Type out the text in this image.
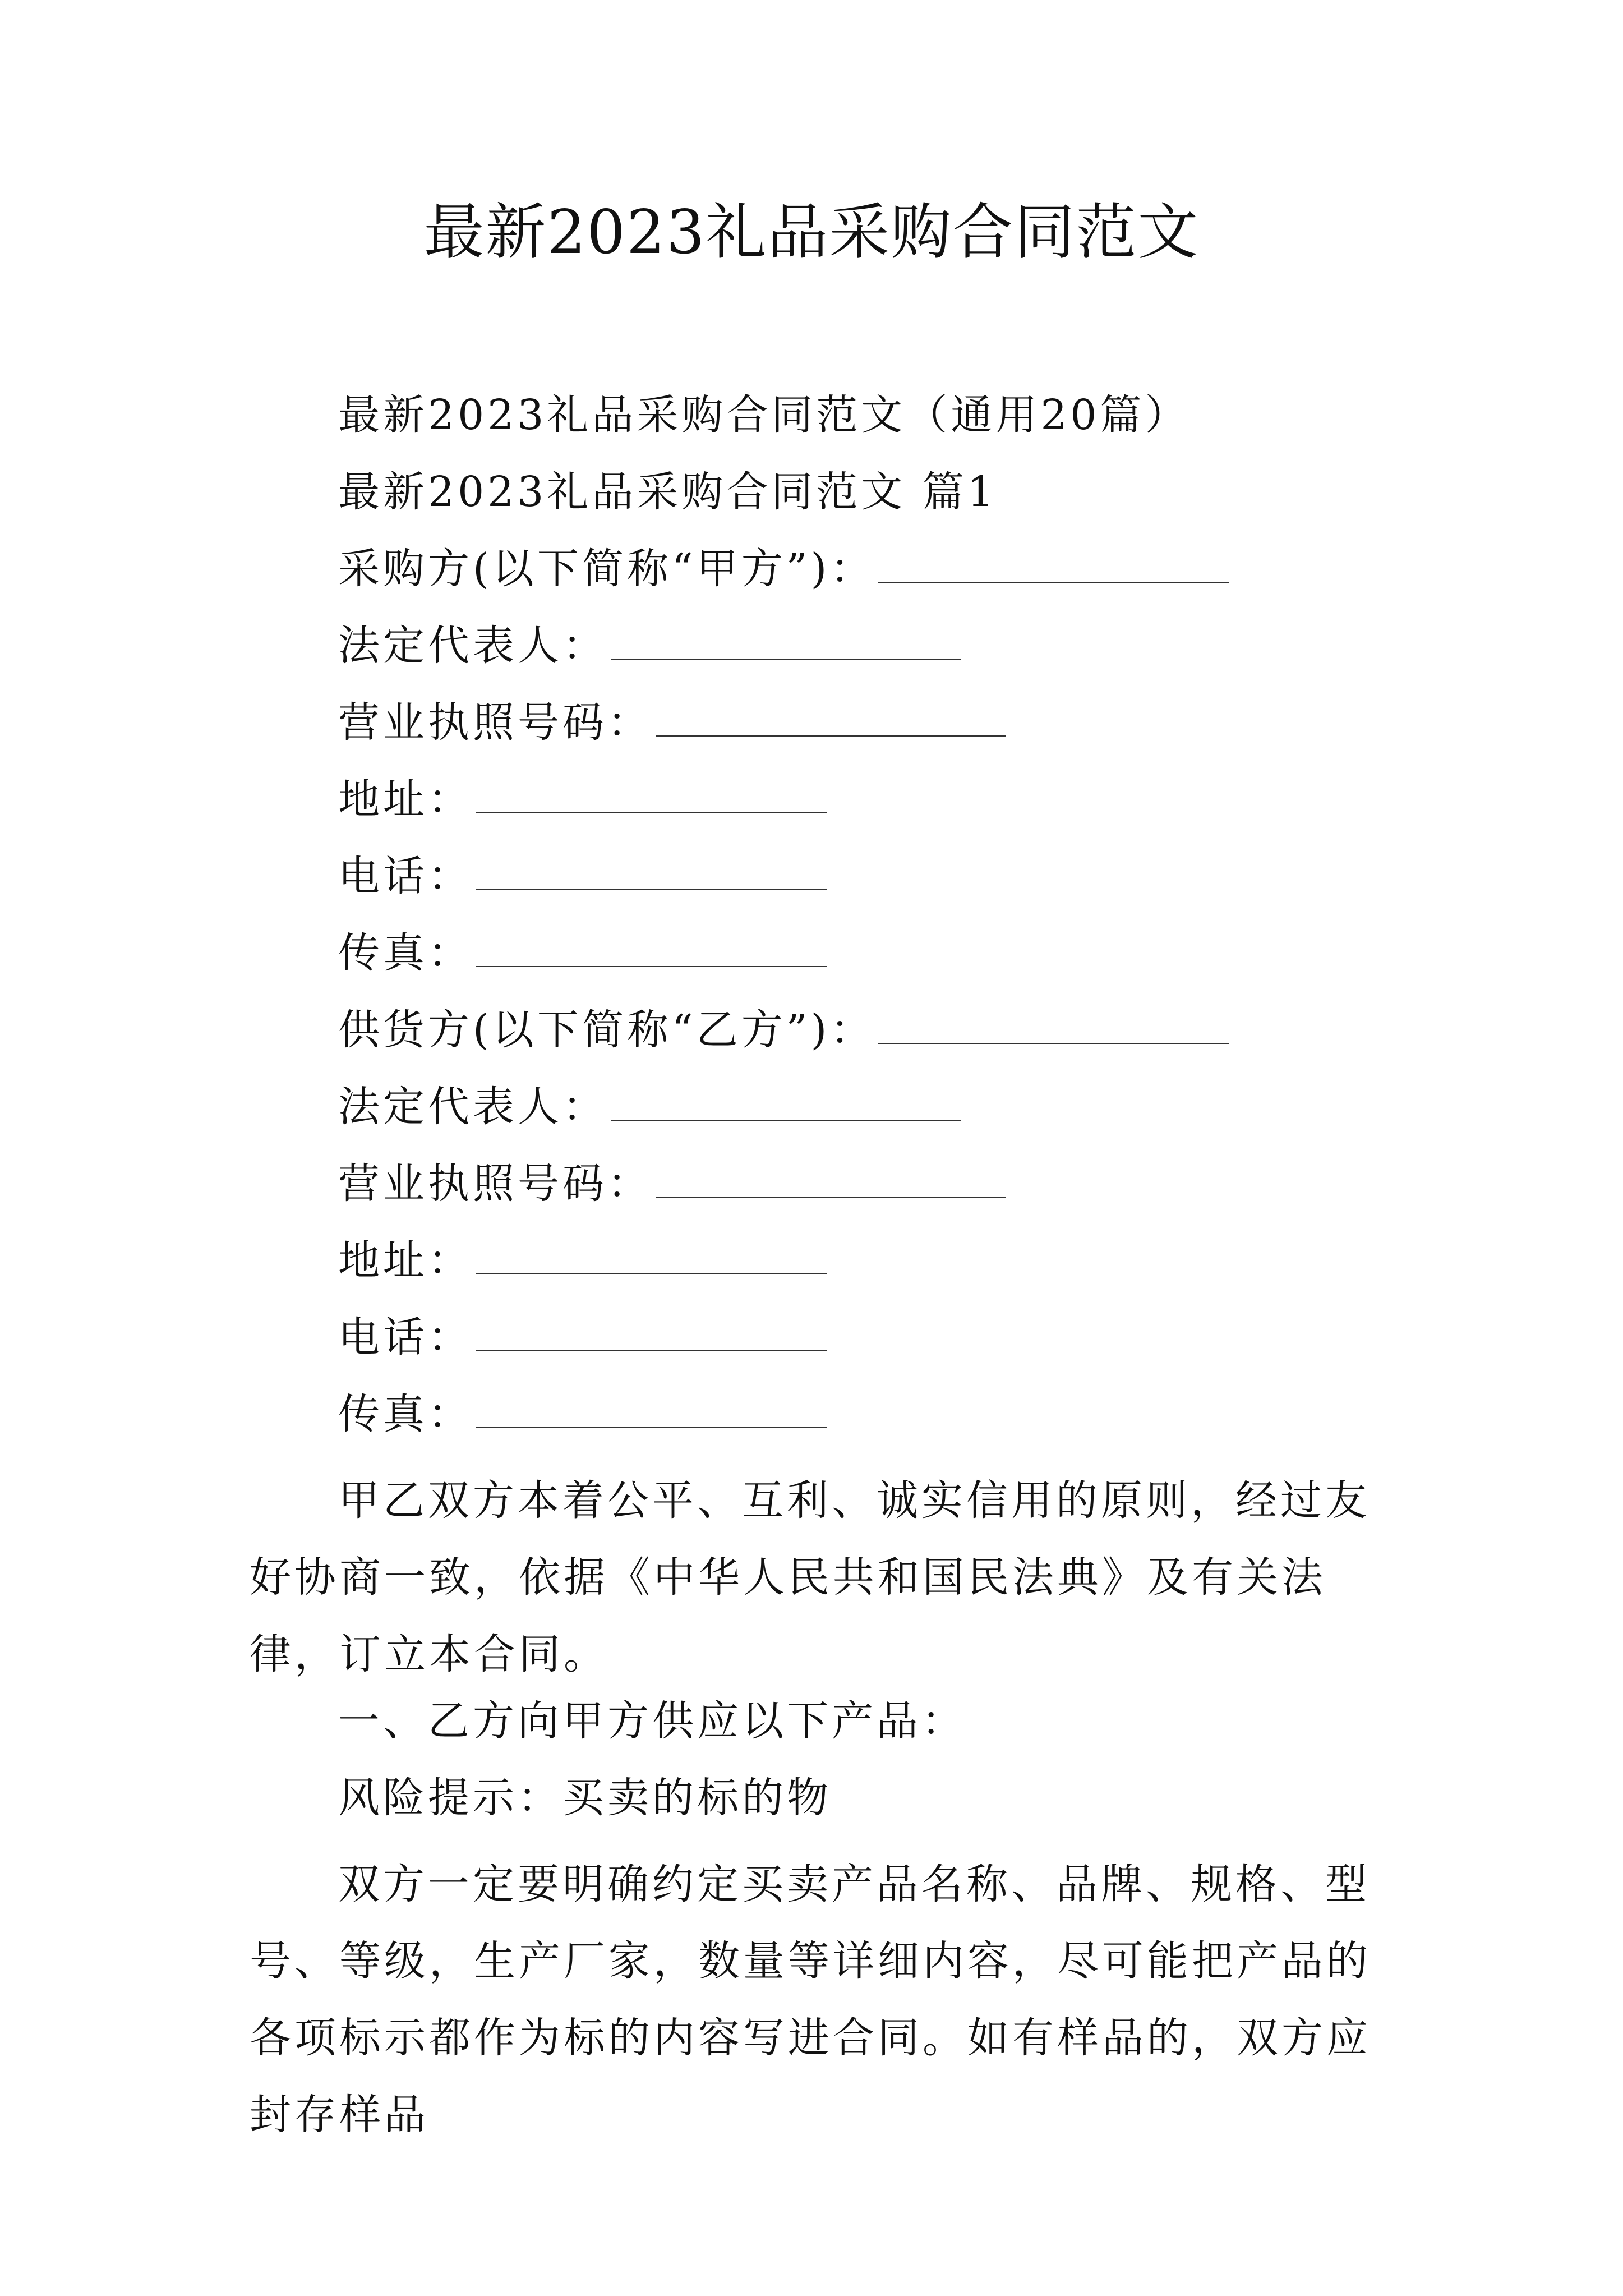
最新2023礼品采购合同范文
最新2023礼品采购合同范文（通用20篇）
最新2023礼品采购合同范文 篇1
采购方(以下简称“甲方”)：
法定代表人：
营业执照号码：
地址：
电话：
传真：
供货方(以下简称“乙方”)：
法定代表人：
营业执照号码：
地址：
电话：
传真：

甲乙双方本着公平、互利、诚实信用的原则，经过友好协商一致，依据《中华人民共和国民法典》及有关法律，订立本合同。

一、乙方向甲方供应以下产品：
风险提示：买卖的标的物

双方一定要明确约定买卖产品名称、品牌、规格、型号、等级，生产厂家，数量等详细内容，尽可能把产品的各项标示都作为标的内容写进合同。如有样品的，双方应封存样品
